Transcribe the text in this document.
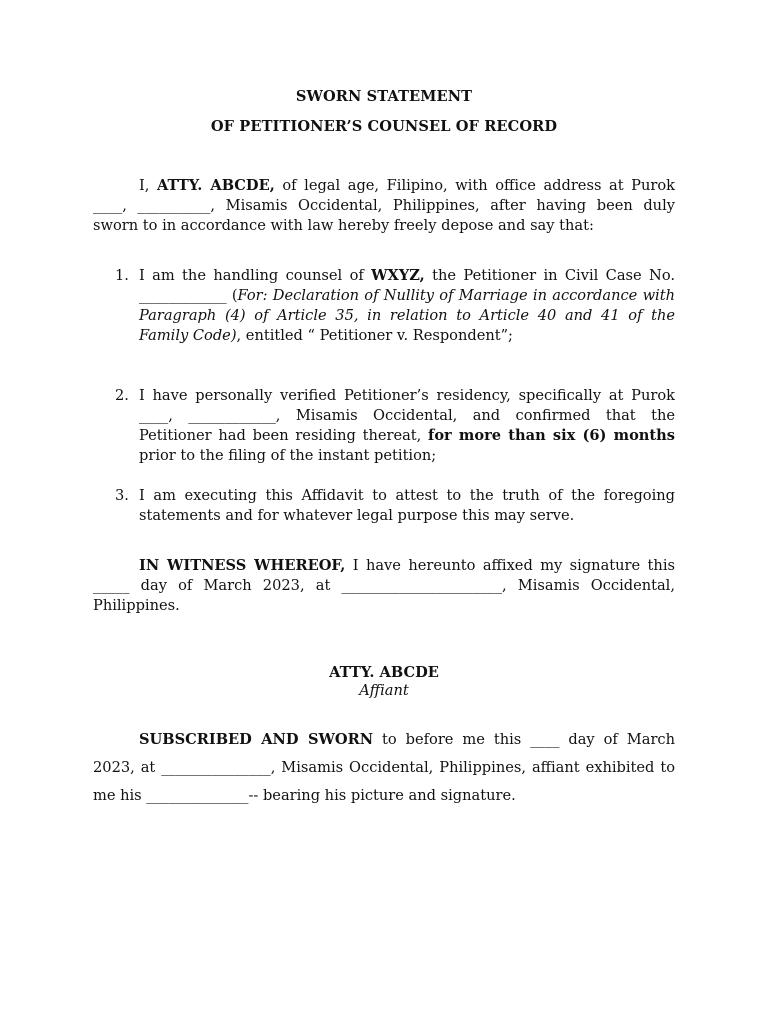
SWORN STATEMENT
OF PETITIONER’S COUNSEL OF RECORD
I, ATTY. ABCDE, of legal age, Filipino, with office address at Purok ____, __________, Misamis Occidental, Philippines, after having been duly sworn to in accordance with law hereby freely depose and say that:
1. I am the handling counsel of WXYZ, the Petitioner in Civil Case No. ____________ (For: Declaration of Nullity of Marriage in accordance with Paragraph (4) of Article 35, in relation to Article 40 and 41 of the Family Code), entitled “ Petitioner v. Respondent”;
2. I have personally verified Petitioner’s residency, specifically at Purok ____, ____________, Misamis Occidental, and confirmed that the Petitioner had been residing thereat, for more than six (6) months prior to the filing of the instant petition;
3. I am executing this Affidavit to attest to the truth of the foregoing statements and for whatever legal purpose this may serve.
IN WITNESS WHEREOF, I have hereunto affixed my signature this _____ day of March 2023, at ______________________, Misamis Occidental, Philippines.
ATTY. ABCDE
Affiant
SUBSCRIBED AND SWORN to before me this ____ day of March 2023, at _______________, Misamis Occidental, Philippines, affiant exhibited to me his ______________-- bearing his picture and signature.
